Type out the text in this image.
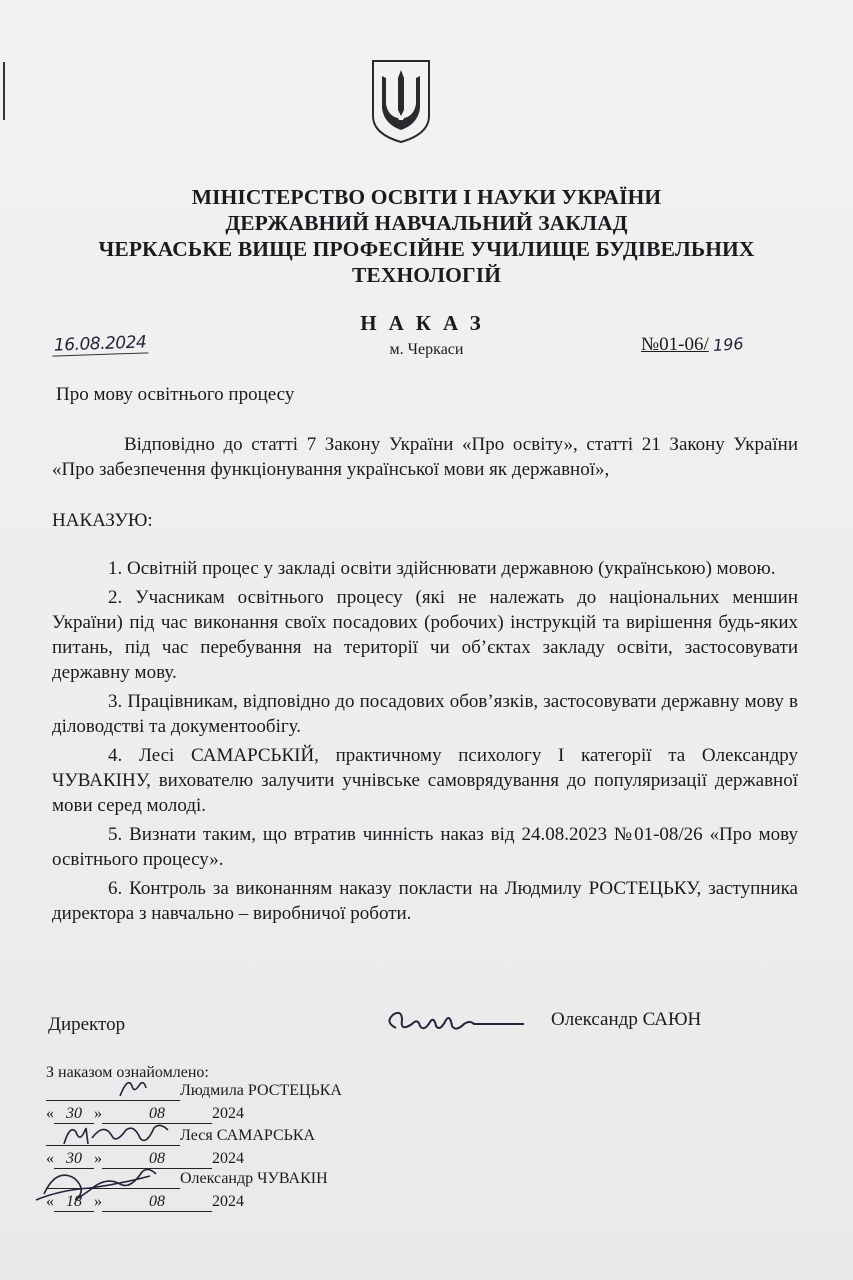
МІНІСТЕРСТВО ОСВІТИ І НАУКИ УКРАЇНИ
ДЕРЖАВНИЙ НАВЧАЛЬНИЙ ЗАКЛАД
ЧЕРКАСЬКЕ ВИЩЕ ПРОФЕСІЙНЕ УЧИЛИЩЕ БУДІВЕЛЬНИХ
ТЕХНОЛОГІЙ
НАКАЗ
16.08.2024	м. Черкаси	№01-06/ 196
Про мову освітнього процесу
Відповідно до статті 7 Закону України «Про освіту», статті 21 Закону України «Про забезпечення функціонування української мови як державної»,
НАКАЗУЮ:

1. Освітній процес у закладі освіти здійснювати державною (українською) мовою.

2. Учасникам освітнього процесу (які не належать до національних меншин України) під час виконання своїх посадових (робочих) інструкцій та вирішення будь-яких питань, під час перебування на території чи об’єктах закладу освіти, застосовувати державну мову.

3. Працівникам, відповідно до посадових обов’язків, застосовувати державну мову в діловодстві та документообігу.

4. Лесі САМАРСЬКІЙ, практичному психологу І категорії та Олександру ЧУВАКІНУ, вихователю залучити учнівське самоврядування до популяризації державної мови серед молоді.

5. Визнати таким, що втратив чинність наказ від 24.08.2023 №01-08/26 «Про мову освітнього процесу».

6. Контроль за виконанням наказу покласти на Людмилу РОСТЕЦЬКУ, заступника директора з навчально – виробничої роботи.

Директор	Олександр САЮН
З наказом ознайомлено:
Людмила РОСТЕЦЬКА
« 30 »	08	2024
Леся САМАРСЬКА
« 30 »	08	2024
Олександр ЧУВАКІН
« 18 »	08	2024
